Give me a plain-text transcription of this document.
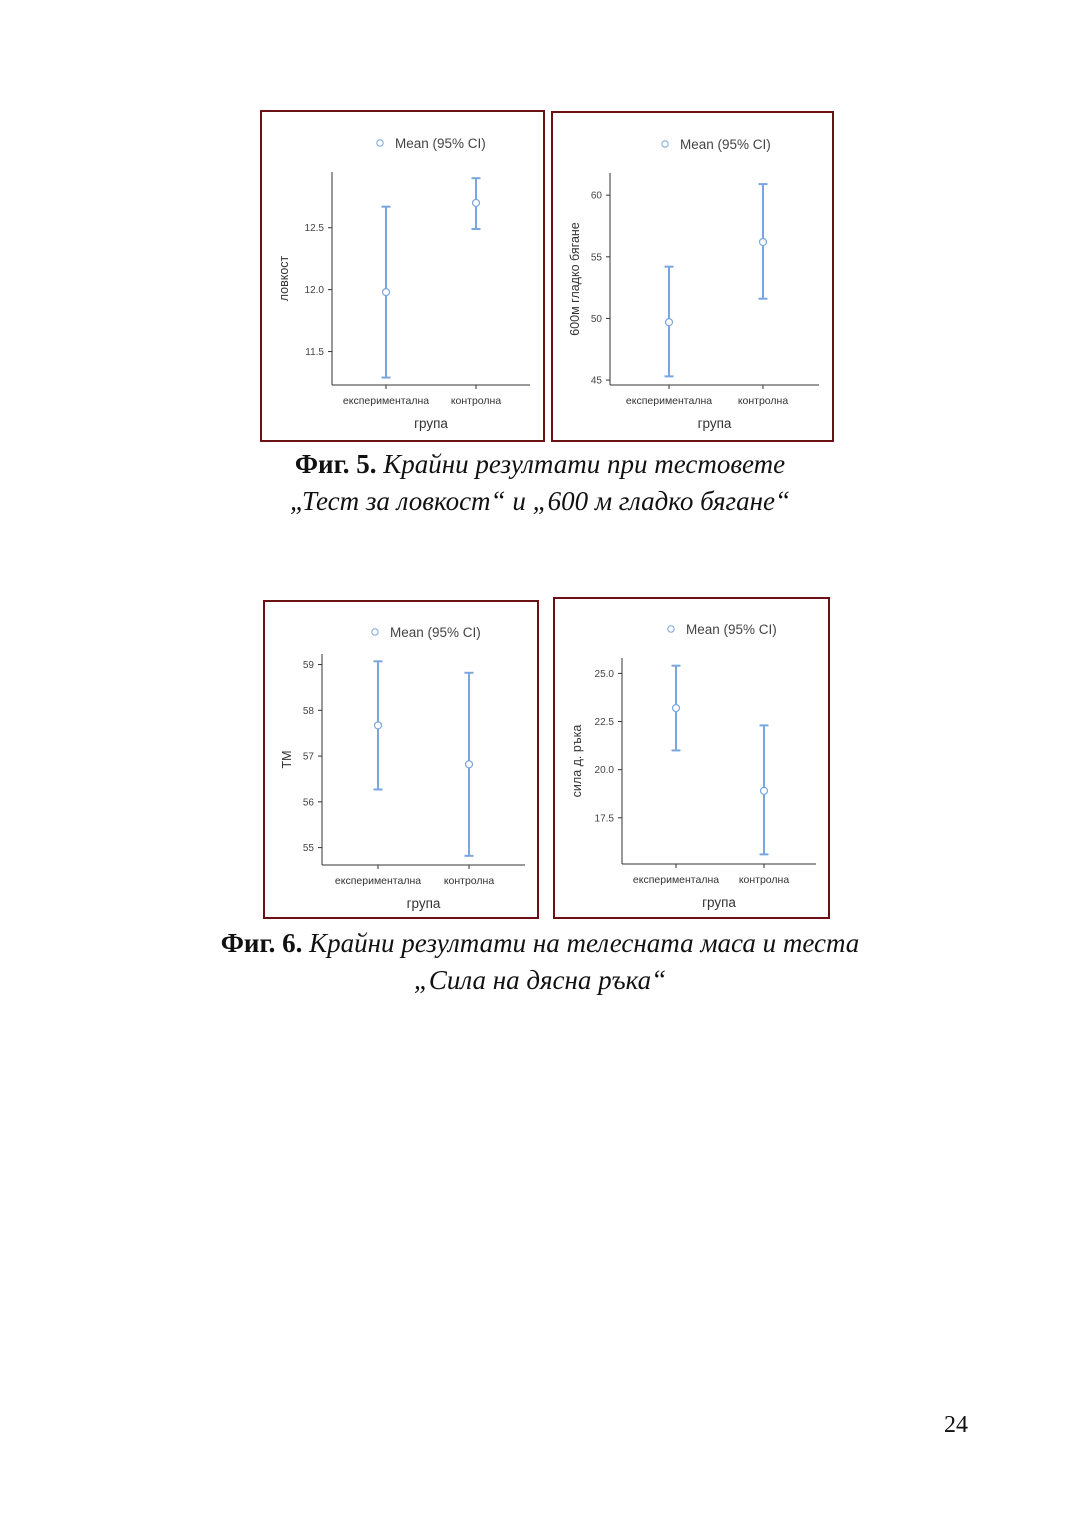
Mean (95% CI)
11.5
12.0
12.5
ловкост
експериментална контролна
група
Mean (95% CI)
45
50
55
60
600м гладко бягане
експериментална контролна
група
Фиг. 5. Крайни резултати при тестовете
„Тест за ловкост“ и „600 м гладко бягане“
Mean (95% CI)
55
56
57
58
59
ТМ
експериментална контролна
група
Mean (95% CI)
17.5
20.0
22.5
25.0
сила д. ръка
експериментална контролна
група
Фиг. 6. Крайни резултати на телесната маса и теста
„Сила на дясна ръка“
24
